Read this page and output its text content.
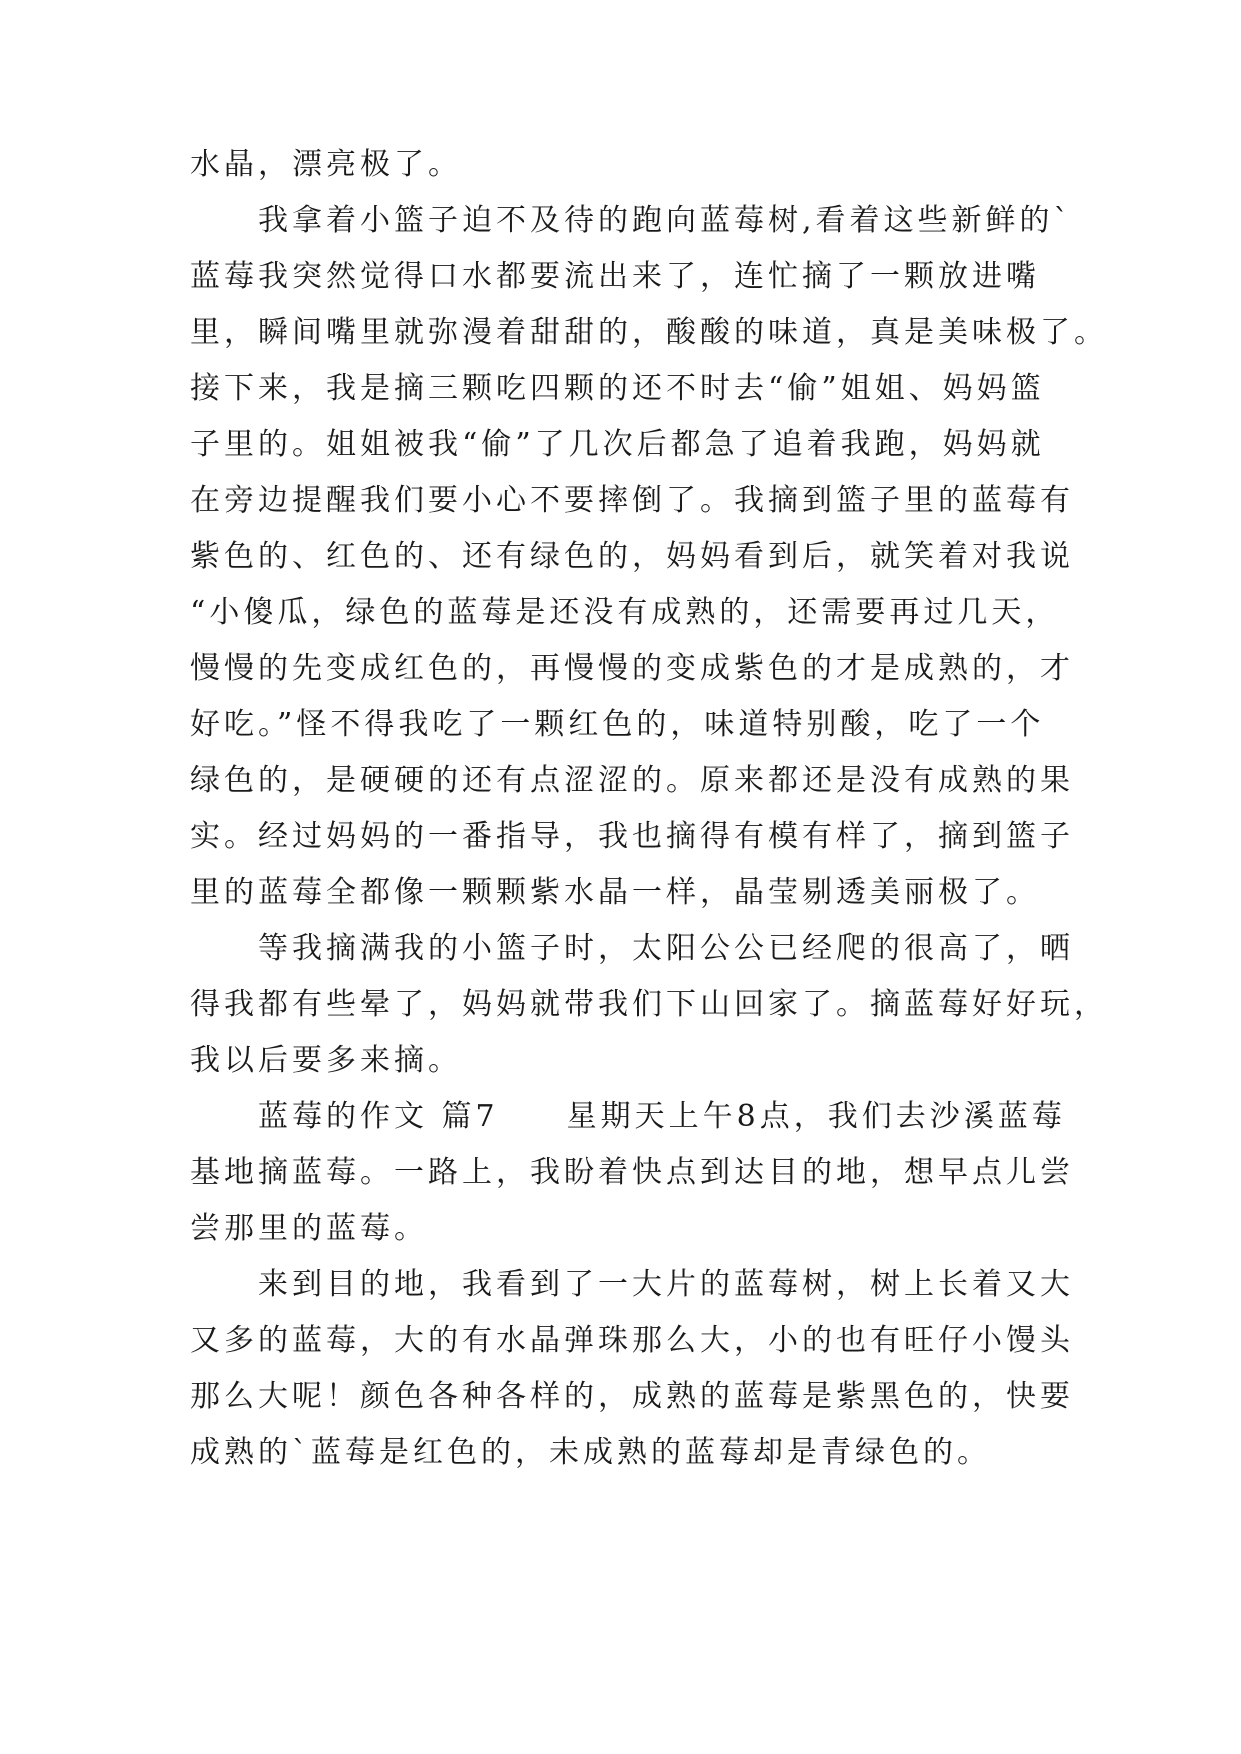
水晶，漂亮极了。
　　我拿着小篮子迫不及待的跑向蓝莓树,看着这些新鲜的`
蓝莓我突然觉得口水都要流出来了，连忙摘了一颗放进嘴
里，瞬间嘴里就弥漫着甜甜的，酸酸的味道，真是美味极了。
接下来，我是摘三颗吃四颗的还不时去“偷”姐姐、妈妈篮
子里的。姐姐被我“偷”了几次后都急了追着我跑，妈妈就
在旁边提醒我们要小心不要摔倒了。我摘到篮子里的蓝莓有
紫色的、红色的、还有绿色的，妈妈看到后，就笑着对我说
“小傻瓜，绿色的蓝莓是还没有成熟的，还需要再过几天，
慢慢的先变成红色的，再慢慢的变成紫色的才是成熟的，才
好吃。”怪不得我吃了一颗红色的，味道特别酸，吃了一个
绿色的，是硬硬的还有点涩涩的。原来都还是没有成熟的果
实。经过妈妈的一番指导，我也摘得有模有样了，摘到篮子
里的蓝莓全都像一颗颗紫水晶一样，晶莹剔透美丽极了。
　　等我摘满我的小篮子时，太阳公公已经爬的很高了，晒
得我都有些晕了，妈妈就带我们下山回家了。摘蓝莓好好玩，
我以后要多来摘。
　　蓝莓的作文 篇7　　星期天上午8点，我们去沙溪蓝莓
基地摘蓝莓。一路上，我盼着快点到达目的地，想早点儿尝
尝那里的蓝莓。
　　来到目的地，我看到了一大片的蓝莓树，树上长着又大
又多的蓝莓，大的有水晶弹珠那么大，小的也有旺仔小馒头
那么大呢！颜色各种各样的，成熟的蓝莓是紫黑色的，快要
成熟的`蓝莓是红色的，未成熟的蓝莓却是青绿色的。
